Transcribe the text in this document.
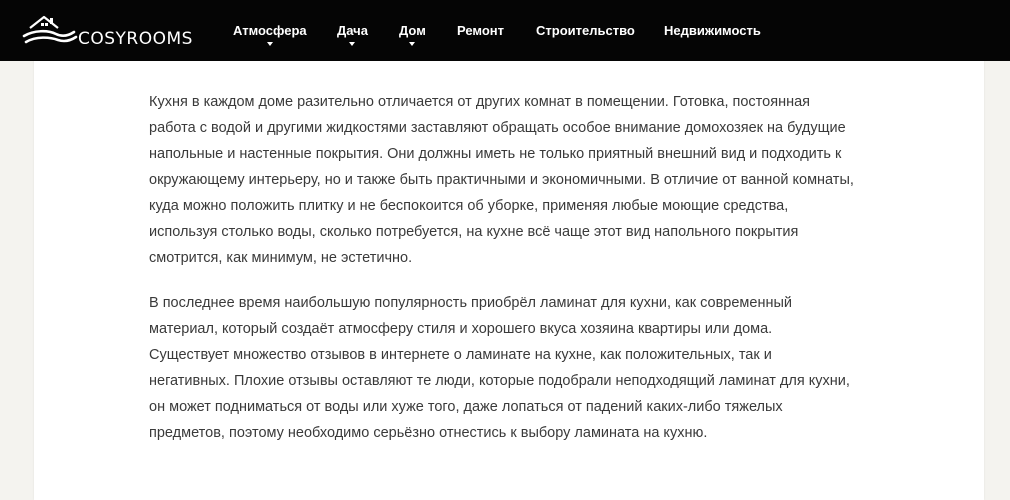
Кухня в каждом доме разительно отличается от других комнат в помещении. Готовка, постоянная
работа с водой и другими жидкостями заставляют обращать особое внимание домохозяек на будущие
напольные и настенные покрытия. Они должны иметь не только приятный внешний вид и подходить к
окружающему интерьеру, но и также быть практичными и экономичными. В отличие от ванной комнаты,
куда можно положить плитку и не беспокоится об уборке, применяя любые моющие средства,
используя столько воды, сколько потребуется, на кухне всё чаще этот вид напольного покрытия
смотрится, как минимум, не эстетично.
В последнее время наибольшую популярность приобрёл ламинат для кухни, как современный
материал, который создаёт атмосферу стиля и хорошего вкуса хозяина квартиры или дома.
Существует множество отзывов в интернете о ламинате на кухне, как положительных, так и
негативных. Плохие отзывы оставляют те люди, которые подобрали неподходящий ламинат для кухни,
он может подниматься от воды или хуже того, даже лопаться от падений каких-либо тяжелых
предметов, поэтому необходимо серьёзно отнестись к выбору ламината на кухню.
COSYROOMS	Атмосфера Дача Дом Ремонт Строительство Недвижимость
